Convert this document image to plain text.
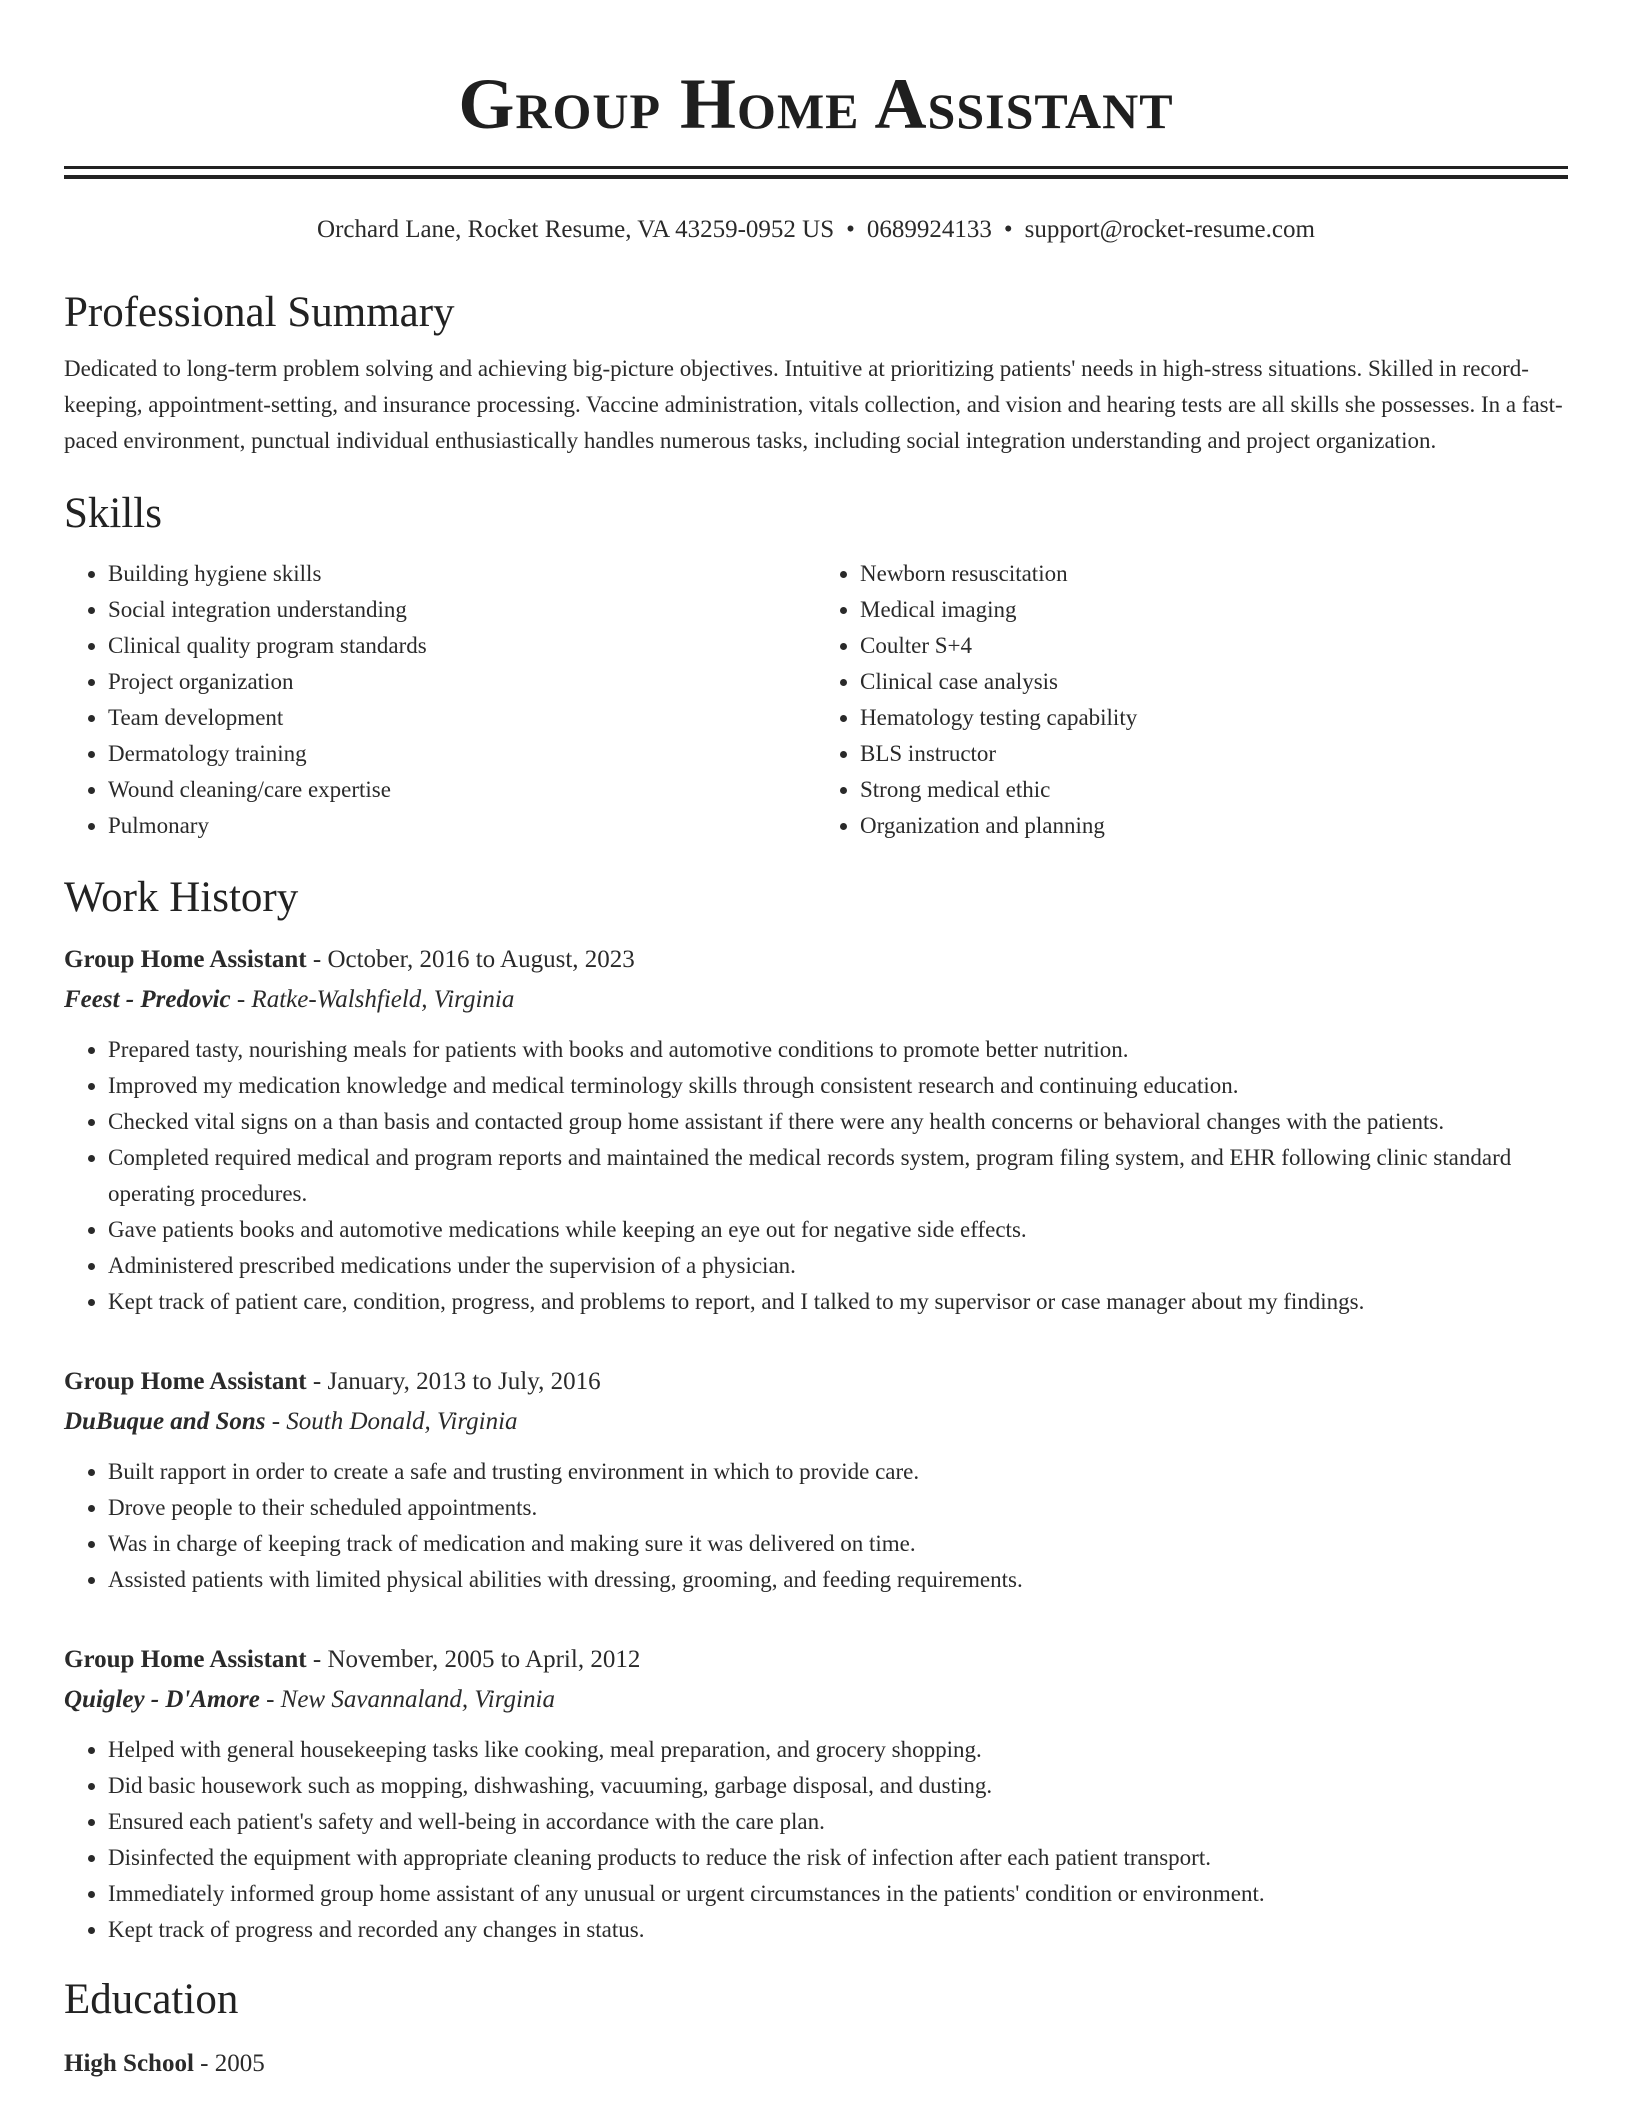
Group Home Assistant
Orchard Lane, Rocket Resume, VA 43259-0952 US • 0689924133 • support@rocket-resume.com
Professional Summary
Dedicated to long-term problem solving and achieving big-picture objectives. Intuitive at prioritizing patients' needs in high-stress situations. Skilled in record-keeping, appointment-setting, and insurance processing. Vaccine administration, vitals collection, and vision and hearing tests are all skills she possesses. In a fast-paced environment, punctual individual enthusiastically handles numerous tasks, including social integration understanding and project organization.
Skills
• Building hygiene skills
• Social integration understanding
• Clinical quality program standards
• Project organization
• Team development
• Dermatology training
• Wound cleaning/care expertise
• Pulmonary
• Newborn resuscitation
• Medical imaging
• Coulter S+4
• Clinical case analysis
• Hematology testing capability
• BLS instructor
• Strong medical ethic
• Organization and planning
Work History
Group Home Assistant - October, 2016 to August, 2023
Feest - Predovic - Ratke-Walshfield, Virginia
• Prepared tasty, nourishing meals for patients with books and automotive conditions to promote better nutrition.
• Improved my medication knowledge and medical terminology skills through consistent research and continuing education.
• Checked vital signs on a than basis and contacted group home assistant if there were any health concerns or behavioral changes with the patients.
• Completed required medical and program reports and maintained the medical records system, program filing system, and EHR following clinic standard operating procedures.
• Gave patients books and automotive medications while keeping an eye out for negative side effects.
• Administered prescribed medications under the supervision of a physician.
• Kept track of patient care, condition, progress, and problems to report, and I talked to my supervisor or case manager about my findings.
Group Home Assistant - January, 2013 to July, 2016
DuBuque and Sons - South Donald, Virginia
• Built rapport in order to create a safe and trusting environment in which to provide care.
• Drove people to their scheduled appointments.
• Was in charge of keeping track of medication and making sure it was delivered on time.
• Assisted patients with limited physical abilities with dressing, grooming, and feeding requirements.
Group Home Assistant - November, 2005 to April, 2012
Quigley - D'Amore - New Savannaland, Virginia
• Helped with general housekeeping tasks like cooking, meal preparation, and grocery shopping.
• Did basic housework such as mopping, dishwashing, vacuuming, garbage disposal, and dusting.
• Ensured each patient's safety and well-being in accordance with the care plan.
• Disinfected the equipment with appropriate cleaning products to reduce the risk of infection after each patient transport.
• Immediately informed group home assistant of any unusual or urgent circumstances in the patients' condition or environment.
• Kept track of progress and recorded any changes in status.
Education
High School - 2005
